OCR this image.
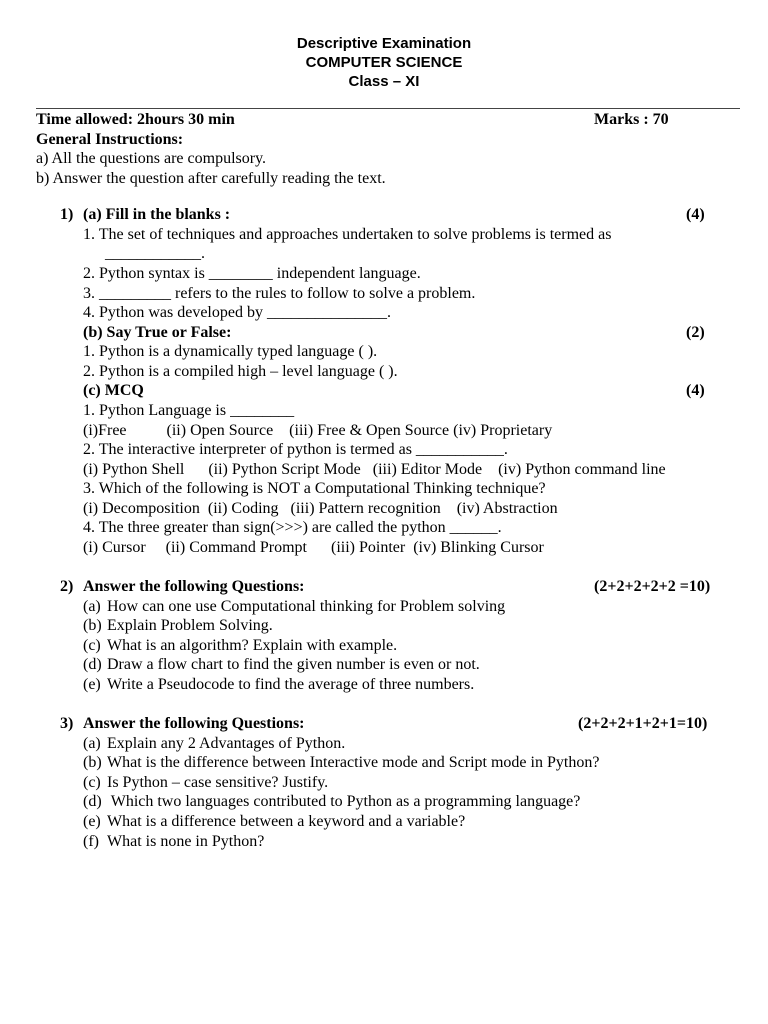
Descriptive Examination
COMPUTER SCIENCE
Class – XI
Time allowed: 2hours 30 min	Marks : 70
General Instructions:
a) All the questions are compulsory.
b) Answer the question after carefully reading the text.
1) (a) Fill in the blanks :	(4)
1. The set of techniques and approaches undertaken to solve problems is termed as
____________.
2. Python syntax is ________ independent language.
3. _________ refers to the rules to follow to solve a problem.
4. Python was developed by _______________.
(b) Say True or False:	(2)
1. Python is a dynamically typed language ( ).
2. Python is a compiled high – level language ( ).
(c) MCQ	(4)
1. Python Language is ________
(i)Free          (ii) Open Source    (iii) Free & Open Source (iv) Proprietary
2. The interactive interpreter of python is termed as ___________.
(i) Python Shell      (ii) Python Script Mode   (iii) Editor Mode    (iv) Python command line
3. Which of the following is NOT a Computational Thinking technique?
(i) Decomposition  (ii) Coding   (iii) Pattern recognition    (iv) Abstraction
4. The three greater than sign(>>>) are called the python ______.
(i) Cursor     (ii) Command Prompt      (iii) Pointer  (iv) Blinking Cursor
2) Answer the following Questions:	(2+2+2+2+2 =10)
(a) How can one use Computational thinking for Problem solving
(b) Explain Problem Solving.
(c) What is an algorithm? Explain with example.
(d) Draw a flow chart to find the given number is even or not.
(e) Write a Pseudocode to find the average of three numbers.
3) Answer the following Questions:	(2+2+2+1+2+1=10)
(a) Explain any 2 Advantages of Python.
(b) What is the difference between Interactive mode and Script mode in Python?
(c) Is Python – case sensitive? Justify.
(d) Which two languages contributed to Python as a programming language?
(e) What is a difference between a keyword and a variable?
(f) What is none in Python?
